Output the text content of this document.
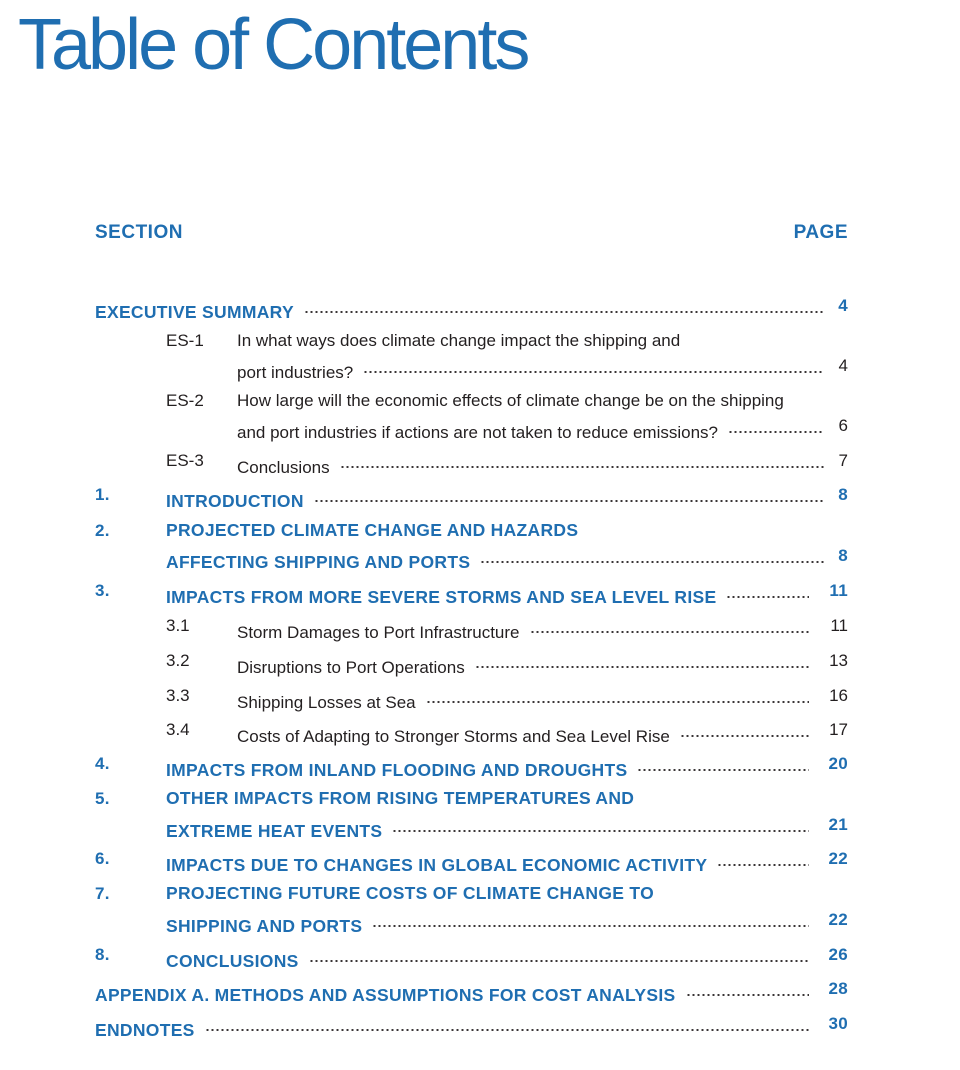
Table of Contents
SECTION	PAGE
EXECUTIVE SUMMARY	4
ES-1 In what ways does climate change impact the shipping and
port industries?	4
ES-2 How large will the economic effects of climate change be on the shipping
and port industries if actions are not taken to reduce emissions?	6
ES-3 Conclusions	7
1.	INTRODUCTION	8
2.	PROJECTED CLIMATE CHANGE AND HAZARDS
AFFECTING SHIPPING AND PORTS	8
3.	IMPACTS FROM MORE SEVERE STORMS AND SEA LEVEL RISE	11
3.1	Storm Damages to Port Infrastructure	11
3.2	Disruptions to Port Operations	13
3.3	Shipping Losses at Sea	16
3.4	Costs of Adapting to Stronger Storms and Sea Level Rise	17
4.	IMPACTS FROM INLAND FLOODING AND DROUGHTS	20
5.	OTHER IMPACTS FROM RISING TEMPERATURES AND
EXTREME HEAT EVENTS	21
6.	IMPACTS DUE TO CHANGES IN GLOBAL ECONOMIC ACTIVITY	22
7.	PROJECTING FUTURE COSTS OF CLIMATE CHANGE TO
SHIPPING AND PORTS	22
8.	CONCLUSIONS	26
APPENDIX A. METHODS AND ASSUMPTIONS FOR COST ANALYSIS	28
ENDNOTES	30
